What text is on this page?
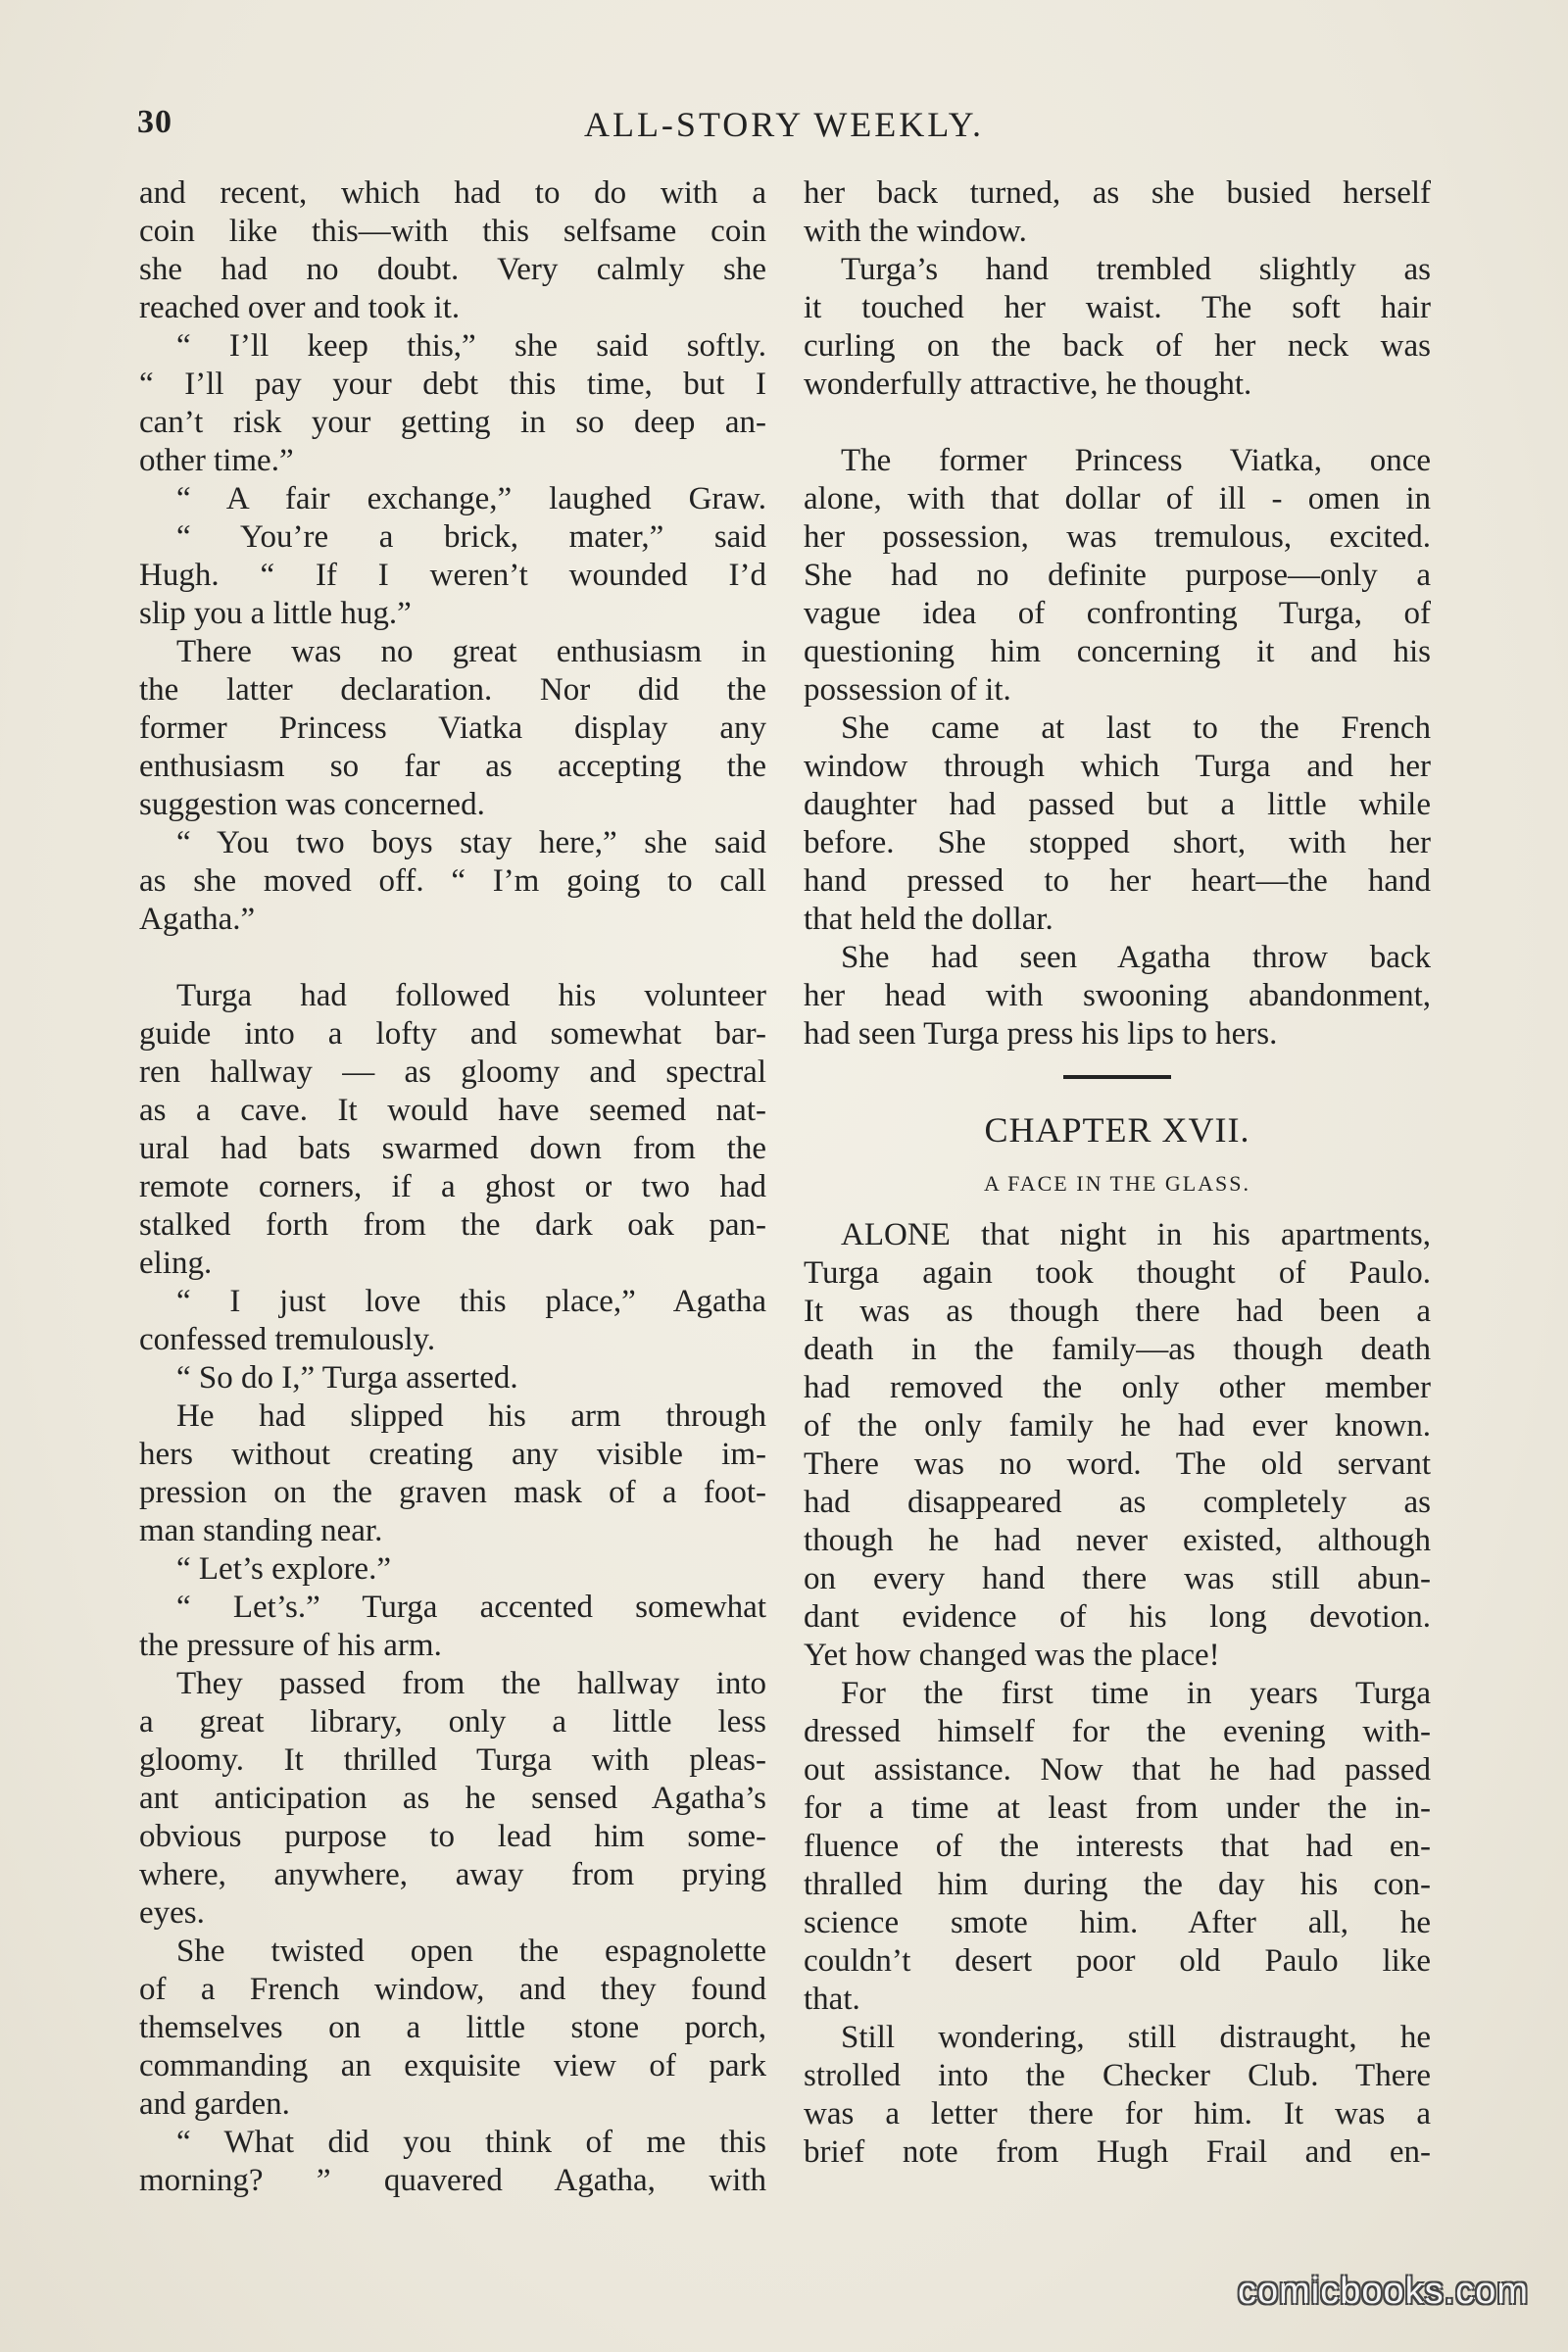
30	ALL-STORY WEEKLY.
and recent, which had to do with a
coin like this—with this selfsame coin
she had no doubt. Very calmly she
reached over and took it.
“ I’ll keep this,” she said softly.
“ I’ll pay your debt this time, but I
can’t risk your getting in so deep an-
other time.”
“ A fair exchange,” laughed Graw.
“ You’re a brick, mater,” said
Hugh. “ If I weren’t wounded I’d
slip you a little hug.”
There was no great enthusiasm in
the latter declaration. Nor did the
former Princess Viatka display any
enthusiasm so far as accepting the
suggestion was concerned.
“ You two boys stay here,” she said
as she moved off. “ I’m going to call
Agatha.”
Turga had followed his volunteer
guide into a lofty and somewhat bar-
ren hallway — as gloomy and spectral
as a cave. It would have seemed nat-
ural had bats swarmed down from the
remote corners, if a ghost or two had
stalked forth from the dark oak pan-
eling.
“ I just love this place,” Agatha
confessed tremulously.
“ So do I,” Turga asserted.
He had slipped his arm through
hers without creating any visible im-
pression on the graven mask of a foot-
man standing near.
“ Let’s explore.”
“ Let’s.” Turga accented somewhat
the pressure of his arm.
They passed from the hallway into
a great library, only a little less
gloomy. It thrilled Turga with pleas-
ant anticipation as he sensed Agatha’s
obvious purpose to lead him some-
where, anywhere, away from prying
eyes.
She twisted open the espagnolette
of a French window, and they found
themselves on a little stone porch,
commanding an exquisite view of park
and garden.
“ What did you think of me this
morning? ” quavered Agatha, with
her back turned, as she busied herself
with the window.
Turga’s hand trembled slightly as
it touched her waist. The soft hair
curling on the back of her neck was
wonderfully attractive, he thought.
The former Princess Viatka, once
alone, with that dollar of ill - omen in
her possession, was tremulous, excited.
She had no definite purpose—only a
vague idea of confronting Turga, of
questioning him concerning it and his
possession of it.
She came at last to the French
window through which Turga and her
daughter had passed but a little while
before. She stopped short, with her
hand pressed to her heart—the hand
that held the dollar.
She had seen Agatha throw back
her head with swooning abandonment,
had seen Turga press his lips to hers.
CHAPTER XVII.
A FACE IN THE GLASS.
ALONE that night in his apartments,
Turga again took thought of Paulo.
It was as though there had been a
death in the family—as though death
had removed the only other member
of the only family he had ever known.
There was no word. The old servant
had disappeared as completely as
though he had never existed, although
on every hand there was still abun-
dant evidence of his long devotion.
Yet how changed was the place!
For the first time in years Turga
dressed himself for the evening with-
out assistance. Now that he had passed
for a time at least from under the in-
fluence of the interests that had en-
thralled him during the day his con-
science smote him. After all, he
couldn’t desert poor old Paulo like
that.
Still wondering, still distraught, he
strolled into the Checker Club. There
was a letter there for him. It was a
brief note from Hugh Frail and en-
comicbooks.com
